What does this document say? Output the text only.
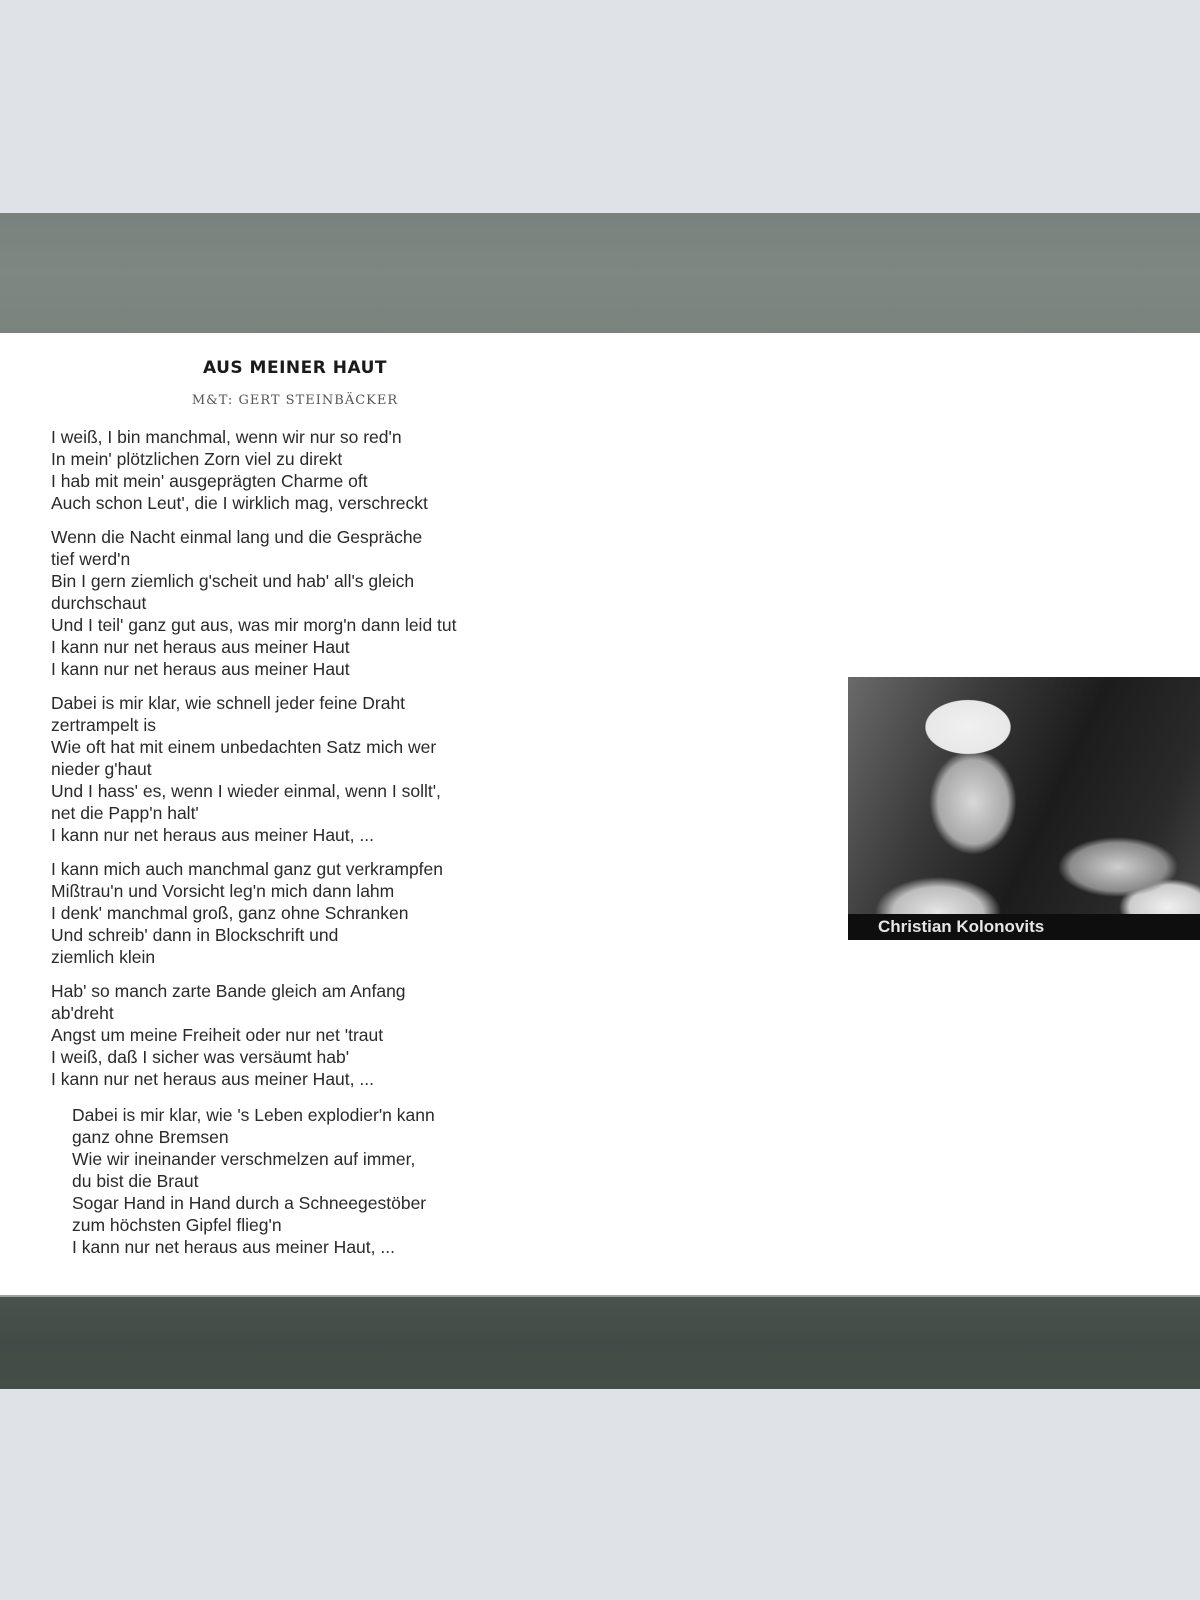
AUS MEINER HAUT
M&T: GERT STEINBÄCKER
I weiß, I bin manchmal, wenn wir nur so red'n
In mein' plötzlichen Zorn viel zu direkt
I hab mit mein' ausgeprägten Charme oft
Auch schon Leut', die I wirklich mag, verschreckt
Wenn die Nacht einmal lang und die Gespräche
tief werd'n
Bin I gern ziemlich g'scheit und hab' all's gleich
durchschaut
Und I teil' ganz gut aus, was mir morg'n dann leid tut
I kann nur net heraus aus meiner Haut
I kann nur net heraus aus meiner Haut
Dabei is mir klar, wie schnell jeder feine Draht
zertrampelt is
Wie oft hat mit einem unbedachten Satz mich wer
nieder g'haut
Und I hass' es, wenn I wieder einmal, wenn I sollt',
net die Papp'n halt'
I kann nur net heraus aus meiner Haut, ...
I kann mich auch manchmal ganz gut verkrampfen
Mißtrau'n und Vorsicht leg'n mich dann lahm
I denk' manchmal groß, ganz ohne Schranken
Und schreib' dann in Blockschrift und
ziemlich klein
Hab' so manch zarte Bande gleich am Anfang
ab'dreht
Angst um meine Freiheit oder nur net 'traut
I weiß, daß I sicher was versäumt hab'
I kann nur net heraus aus meiner Haut, ...
Dabei is mir klar, wie 's Leben explodier'n kann
ganz ohne Bremsen
Wie wir ineinander verschmelzen auf immer,
du bist die Braut
Sogar Hand in Hand durch a Schneegestöber
zum höchsten Gipfel flieg'n
I kann nur net heraus aus meiner Haut, ...
Christian Kolonovits
